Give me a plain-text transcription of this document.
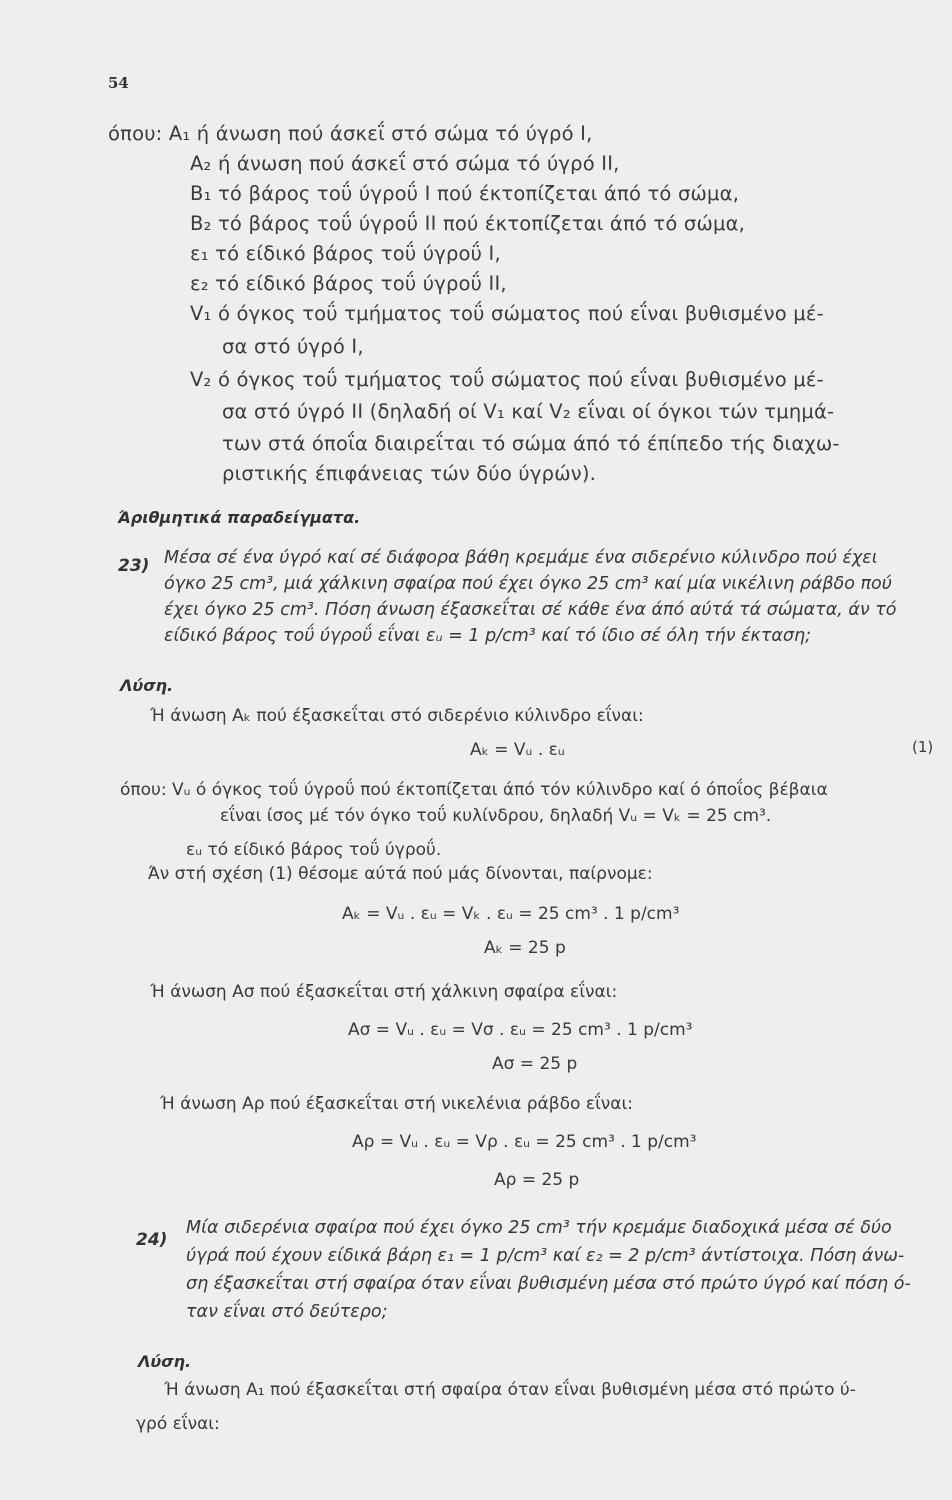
54
όπου: A₁ ή άνωση πού άσκεΐ στό σώμα τό ύγρό Ι,
A₂ ή άνωση πού άσκεΐ στό σώμα τό ύγρό ΙΙ,
B₁ τό βάρος τοΰ ύγροΰ Ι πού έκτοπίζεται άπό τό σώμα,
B₂ τό βάρος τοΰ ύγροΰ ΙΙ πού έκτοπίζεται άπό τό σώμα,
ε₁ τό είδικό βάρος τοΰ ύγροΰ Ι,
ε₂ τό είδικό βάρος τοΰ ύγροΰ ΙΙ,
V₁ ό όγκος τοΰ τμήματος τοΰ σώματος πού εΐναι βυθισμένο μέ-
σα στό ύγρό Ι,
V₂ ό όγκος τοΰ τμήματος τοΰ σώματος πού εΐναι βυθισμένο μέ-
σα στό ύγρό ΙΙ (δηλαδή οί V₁ καί V₂ εΐναι οί όγκοι τών τμημά-
των στά όποΐα διαιρεΐται τό σώμα άπό τό έπίπεδο τής διαχω-
ριστικής έπιφάνειας τών δύο ύγρών).
Άριθμητικά παραδείγματα.
23) Μέσα σέ ένα ύγρό καί σέ διάφορα βάθη κρεμάμε ένα σιδερένιο κύλινδρο πού έχει
όγκο 25 cm³, μιά χάλκινη σφαίρα πού έχει όγκο 25 cm³ καί μία νικέλινη ράβδο πού
έχει όγκο 25 cm³. Πόση άνωση έξασκεΐται σέ κάθε ένα άπό αύτά τά σώματα, άν τό
είδικό βάρος τοΰ ύγροΰ εΐναι εᵤ = 1 p/cm³ καί τό ίδιο σέ όλη τήν έκταση;
Λύση.
Ή άνωση Aₖ πού έξασκεΐται στό σιδερένιο κύλινδρο εΐναι:
Aₖ = Vᵤ . εᵤ	(1)
όπου: Vᵤ ό όγκος τοΰ ύγροΰ πού έκτοπίζεται άπό τόν κύλινδρο καί ό όποΐος βέβαια
εΐναι ίσος μέ τόν όγκο τοΰ κυλίνδρου, δηλαδή Vᵤ = Vₖ = 25 cm³.
εᵤ τό είδικό βάρος τοΰ ύγροΰ.
Άν στή σχέση (1) θέσομε αύτά πού μάς δίνονται, παίρνομε:
Aₖ = Vᵤ . εᵤ = Vₖ . εᵤ = 25 cm³ . 1 p/cm³
Aₖ = 25 p
Ή άνωση Aσ πού έξασκεΐται στή χάλκινη σφαίρα εΐναι:
Aσ = Vᵤ . εᵤ = Vσ . εᵤ = 25 cm³ . 1 p/cm³
Aσ = 25 p
Ή άνωση Aρ πού έξασκεΐται στή νικελένια ράβδο εΐναι:
Aρ = Vᵤ . εᵤ = Vρ . εᵤ = 25 cm³ . 1 p/cm³
Aρ = 25 p
24)
Μία σιδερένια σφαίρα πού έχει όγκο 25 cm³ τήν κρεμάμε διαδοχικά μέσα σέ δύο
ύγρά πού έχουν είδικά βάρη ε₁ = 1 p/cm³ καί ε₂ = 2 p/cm³ άντίστοιχα. Πόση άνω-
ση έξασκεΐται στή σφαίρα όταν εΐναι βυθισμένη μέσα στό πρώτο ύγρό καί πόση ό-
ταν εΐναι στό δεύτερο;
Λύση.
Ή άνωση A₁ πού έξασκεΐται στή σφαίρα όταν εΐναι βυθισμένη μέσα στό πρώτο ύ-
γρό εΐναι:
